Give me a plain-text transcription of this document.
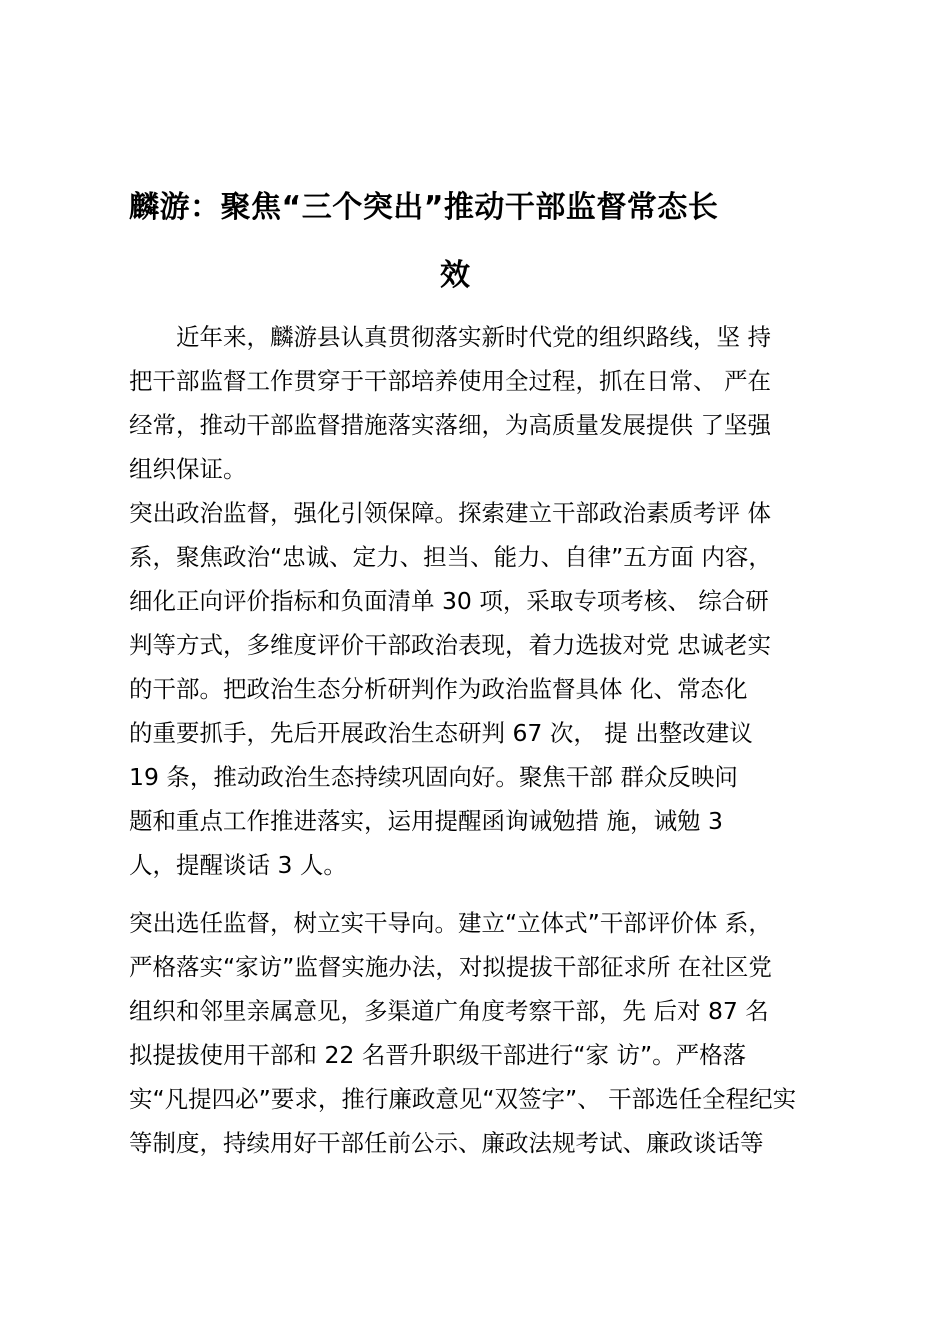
麟游：聚焦“三个突出”推动干部监督常态长
效
　　近年来，麟游县认真贯彻落实新时代党的组织路线，坚 持
把干部监督工作贯穿于干部培养使用全过程，抓在日常、 严在
经常，推动干部监督措施落实落细，为高质量发展提供 了坚强
组织保证。
突出政治监督，强化引领保障。探索建立干部政治素质考评 体
系，聚焦政治“忠诚、定力、担当、能力、自律”五方面 内容，
细化正向评价指标和负面清单 30 项，采取专项考核、 综合研
判等方式，多维度评价干部政治表现，着力选拔对党 忠诚老实
的干部。把政治生态分析研判作为政治监督具体 化、常态化
的重要抓手，先后开展政治生态研判 67 次， 提 出整改建议
19 条，推动政治生态持续巩固向好。聚焦干部 群众反映问
题和重点工作推进落实，运用提醒函询诫勉措 施，诫勉 3
人，提醒谈话 3 人。
突出选任监督，树立实干导向。建立“立体式”干部评价体 系，
严格落实“家访”监督实施办法，对拟提拔干部征求所 在社区党
组织和邻里亲属意见，多渠道广角度考察干部，先 后对 87 名
拟提拔使用干部和 22 名晋升职级干部进行“家 访”。严格落
实“凡提四必”要求，推行廉政意见“双签字”、 干部选任全程纪实
等制度，持续用好干部任前公示、廉政法规考试、廉政谈话等
